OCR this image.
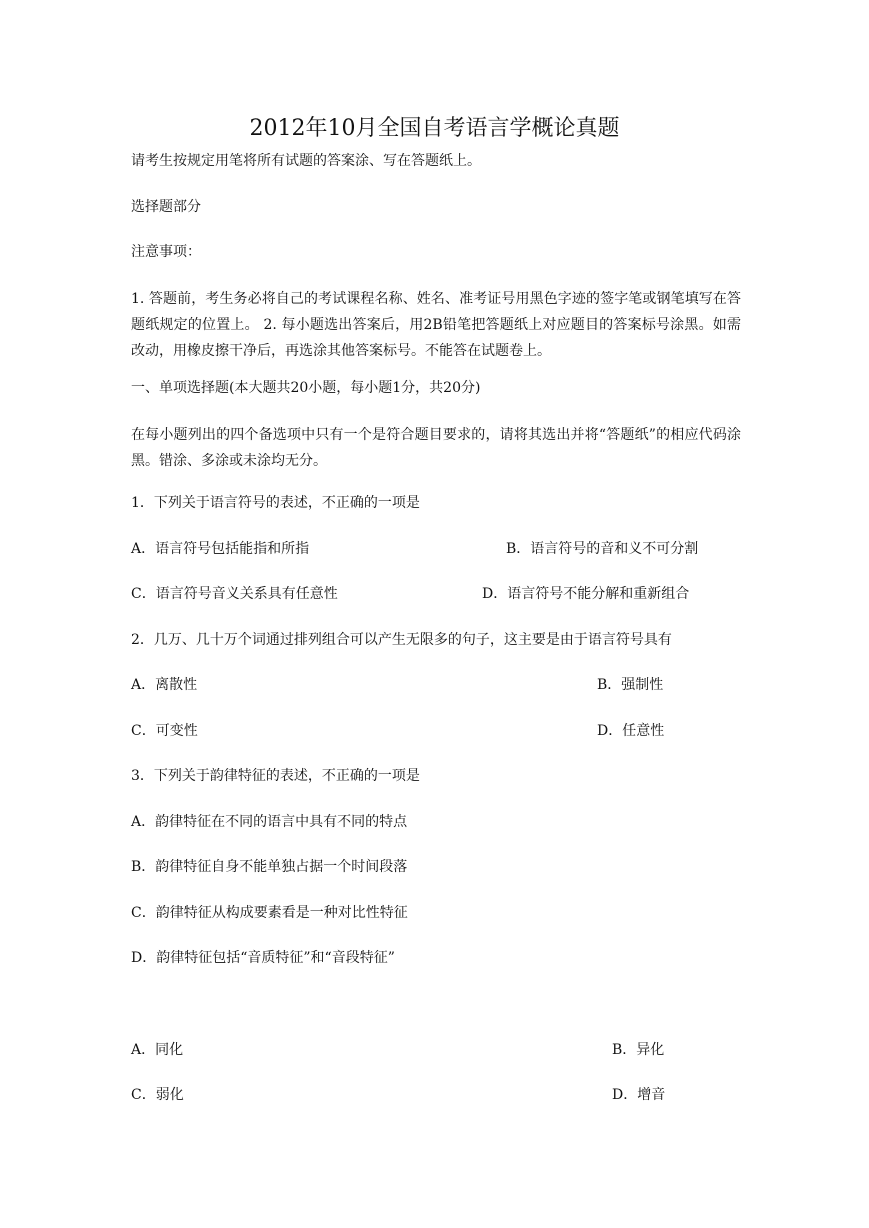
2012年10月全国自考语言学概论真题
请考生按规定用笔将所有试题的答案涂、写在答题纸上。
选择题部分
注意事项：
1. 答题前，考生务必将自己的考试课程名称、姓名、准考证号用黑色字迹的签字笔或钢笔填写在答题纸规定的位置上。 2. 每小题选出答案后，用2B铅笔把答题纸上对应题目的答案标号涂黑。如需改动，用橡皮擦干净后，再选涂其他答案标号。不能答在试题卷上。
一、单项选择题(本大题共20小题，每小题1分，共20分)
在每小题列出的四个备选项中只有一个是符合题目要求的，请将其选出并将“答题纸”的相应代码涂黑。错涂、多涂或未涂均无分。
1．下列关于语言符号的表述，不正确的一项是
A．语言符号包括能指和所指	B．语言符号的音和义不可分割
C．语言符号音义关系具有任意性	D．语言符号不能分解和重新组合
2．几万、几十万个词通过排列组合可以产生无限多的句子，这主要是由于语言符号具有
A．离散性	B．强制性
C．可变性	D．任意性
3．下列关于韵律特征的表述，不正确的一项是
A．韵律特征在不同的语言中具有不同的特点
B．韵律特征自身不能单独占据一个时间段落
C．韵律特征从构成要素看是一种对比性特征
D．韵律特征包括“音质特征”和“音段特征”
A．同化	B．异化
C．弱化	D．增音
